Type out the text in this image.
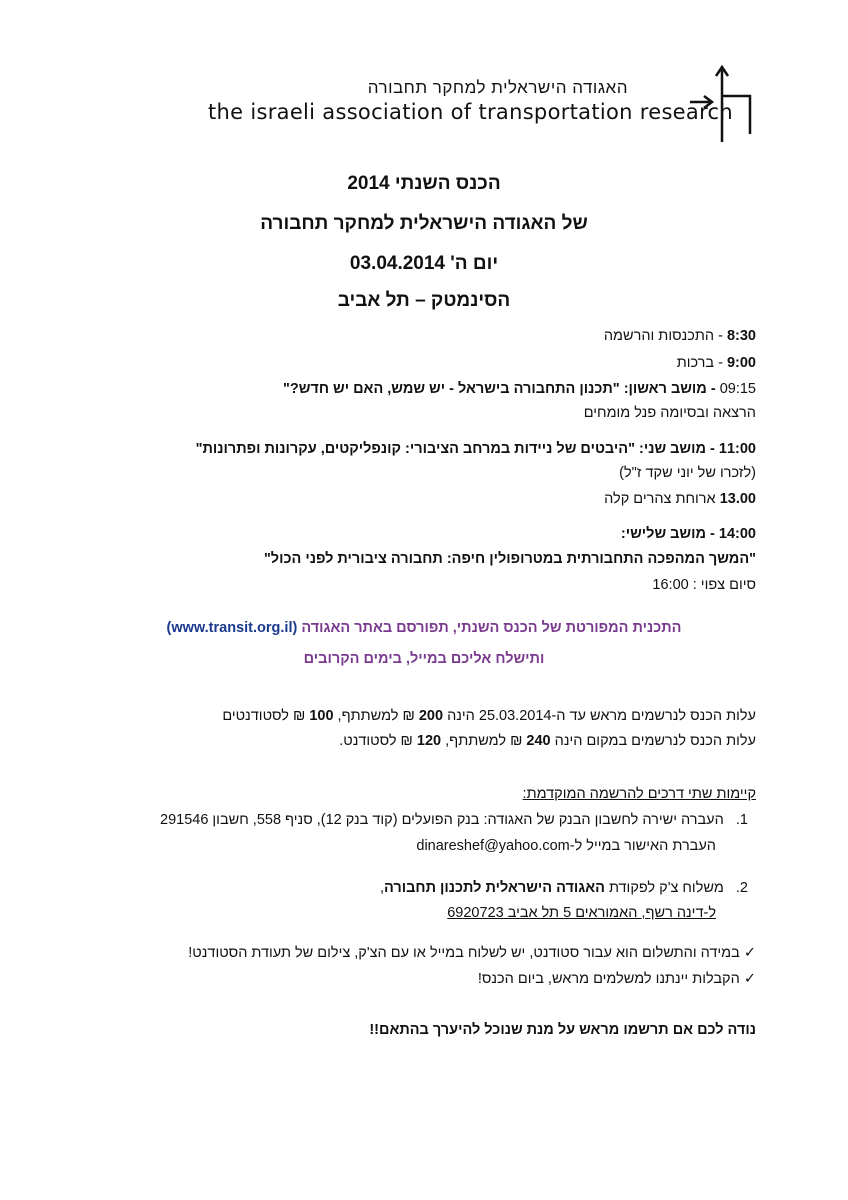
האגודה הישראלית למחקר תחבורה
the israeli association of transportation research
הכנס השנתי 2014
של האגודה הישראלית למחקר תחבורה
יום ה' 03.04.2014
הסינמטק – תל אביב
8:30 - התכנסות והרשמה
9:00 - ברכות
09:15 - מושב ראשון: "תכנון התחבורה בישראל - יש שמש, האם יש חדש?"
הרצאה ובסיומה פנל מומחים
11:00 - מושב שני: "היבטים של ניידות במרחב הציבורי: קונפליקטים, עקרונות ופתרונות"
(לזכרו של יוני שקד ז"ל)
13.00 ארוחת צהרים קלה
14:00 - מושב שלישי:
"המשך המהפכה התחבורתית במטרופולין חיפה: תחבורה ציבורית לפני הכול"
סיום צפוי : 16:00
התכנית המפורטת של הכנס השנתי, תפורסם באתר האגודה (www.transit.org.il)
ותישלח אליכם במייל, בימים הקרובים
עלות הכנס לנרשמים מראש עד ה-25.03.2014 הינה 200 ₪ למשתתף, 100 ₪ לסטודנטים
עלות הכנס לנרשמים במקום הינה 240 ₪ למשתתף, 120 ₪ לסטודנט.
קיימות שתי דרכים להרשמה המוקדמת:
1.   העברה ישירה לחשבון הבנק של האגודה: בנק הפועלים (קוד בנק 12), סניף 558, חשבון 291546
העברת האישור במייל ל-dinareshef@yahoo.com
2.   משלוח צ'ק לפקודת האגודה הישראלית לתכנון תחבורה,
ל-דינה רשף, האמוראים 5 תל אביב 6920723
✓ במידה והתשלום הוא עבור סטודנט, יש לשלוח במייל או עם הצ'ק, צילום של תעודת הסטודנט!
✓ הקבלות יינתנו למשלמים מראש, ביום הכנס!
נודה לכם אם תרשמו מראש על מנת שנוכל להיערך בהתאם!!
